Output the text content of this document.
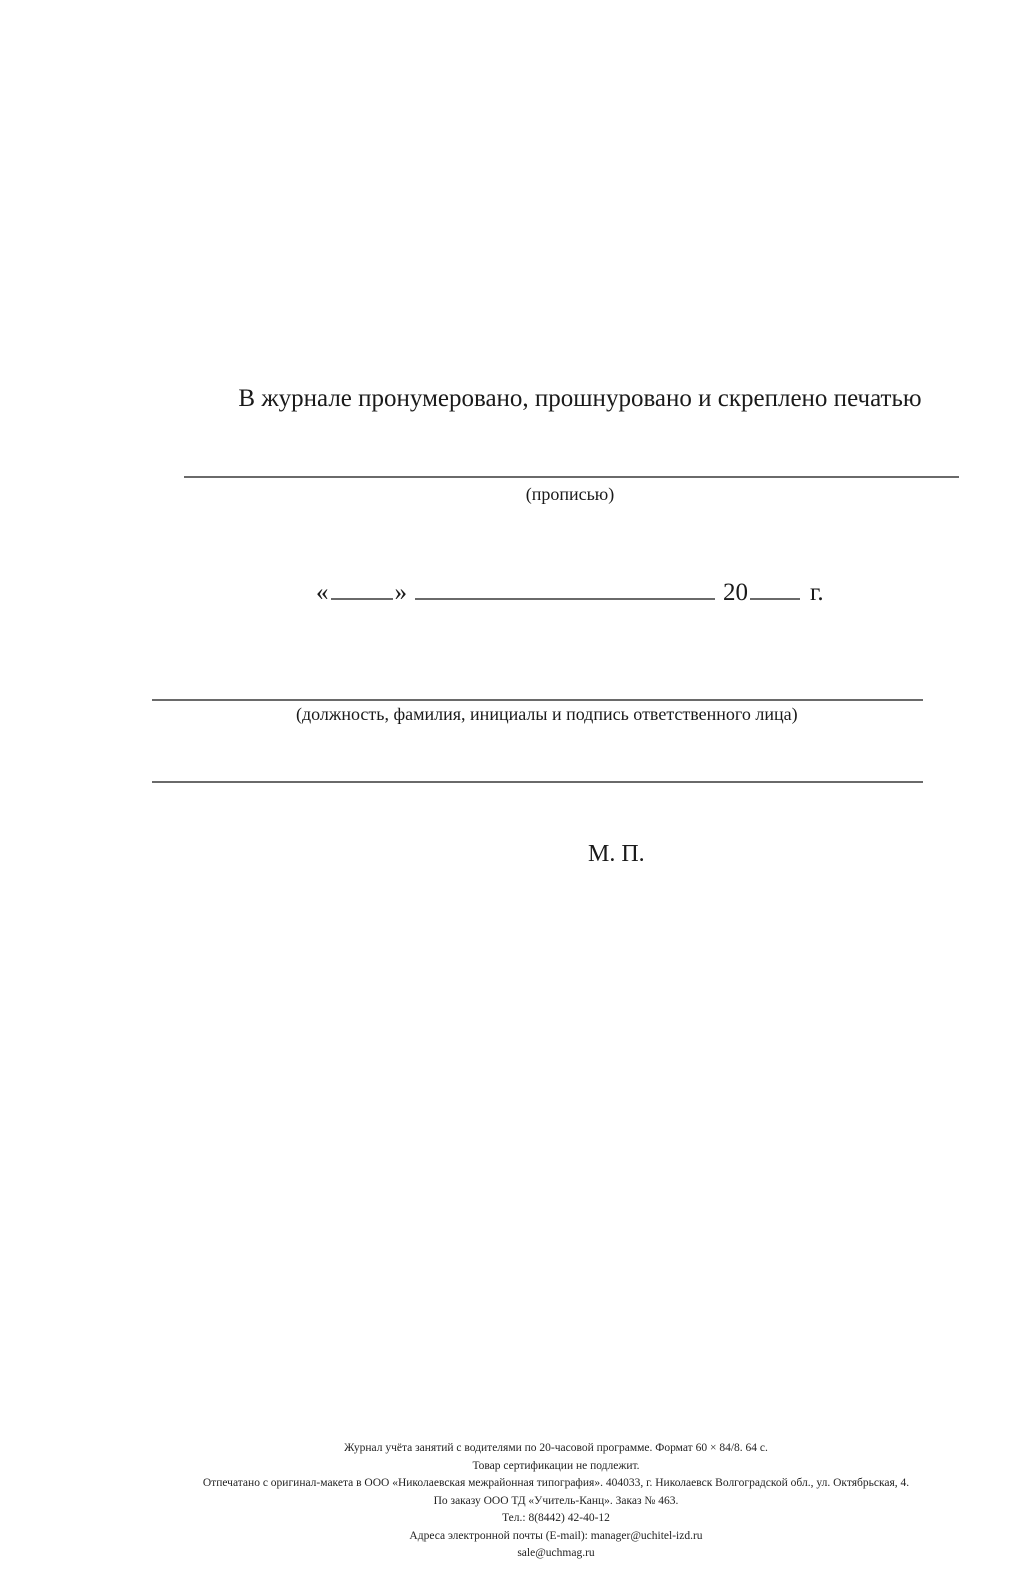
В журнале пронумеровано, прошнуровано и скреплено печатью
(прописью)
«	»	20 г.
(должность, фамилия, инициалы и подпись ответственного лица)
М. П.
Журнал учёта занятий с водителями по 20-часовой программе. Формат 60 × 84/8. 64 с.
Товар сертификации не подлежит.
Отпечатано с оригинал-макета в ООО «Николаевская межрайонная типография». 404033, г. Николаевск Волгоградской обл., ул. Октябрьская, 4.
По заказу ООО ТД «Учитель-Канц». Заказ № 463.
Тел.: 8(8442) 42-40-12
Адреса электронной почты (E-mail): manager@uchitel-izd.ru
sale@uchmag.ru
